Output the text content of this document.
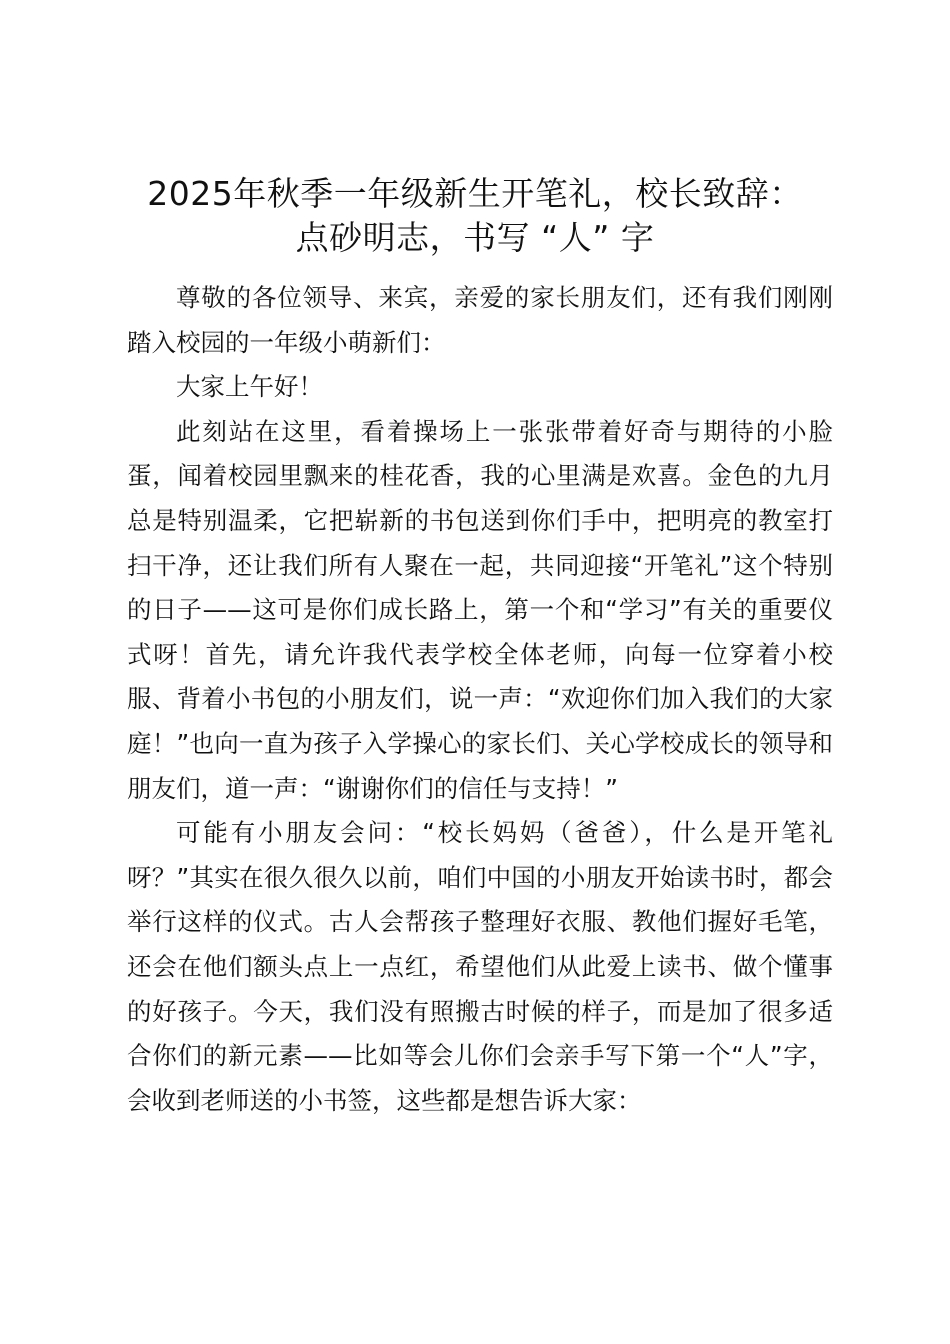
2025年秋季一年级新生开笔礼，校长致辞：
点砂明志，书写 “人” 字

尊敬的各位领导、来宾，亲爱的家长朋友们，还有我们刚刚踏入校园的一年级小萌新们：

大家上午好！

此刻站在这里，看着操场上一张张带着好奇与期待的小脸蛋，闻着校园里飘来的桂花香，我的心里满是欢喜。金色的九月总是特别温柔，它把崭新的书包送到你们手中，把明亮的教室打扫干净，还让我们所有人聚在一起，共同迎接“开笔礼”这个特别的日子——这可是你们成长路上，第一个和“学习”有关的重要仪式呀！首先，请允许我代表学校全体老师，向每一位穿着小校服、背着小书包的小朋友们，说一声：“欢迎你们加入我们的大家庭！”也向一直为孩子入学操心的家长们、关心学校成长的领导和朋友们，道一声：“谢谢你们的信任与支持！”

可能有小朋友会问：“校长妈妈（爸爸），什么是开笔礼呀？”其实在很久很久以前，咱们中国的小朋友开始读书时，都会举行这样的仪式。古人会帮孩子整理好衣服、教他们握好毛笔，还会在他们额头点上一点红，希望他们从此爱上读书、做个懂事的好孩子。今天，我们没有照搬古时候的样子，而是加了很多适合你们的新元素——比如等会儿你们会亲手写下第一个“人”字，会收到老师送的小书签，这些都是想告诉大家：
